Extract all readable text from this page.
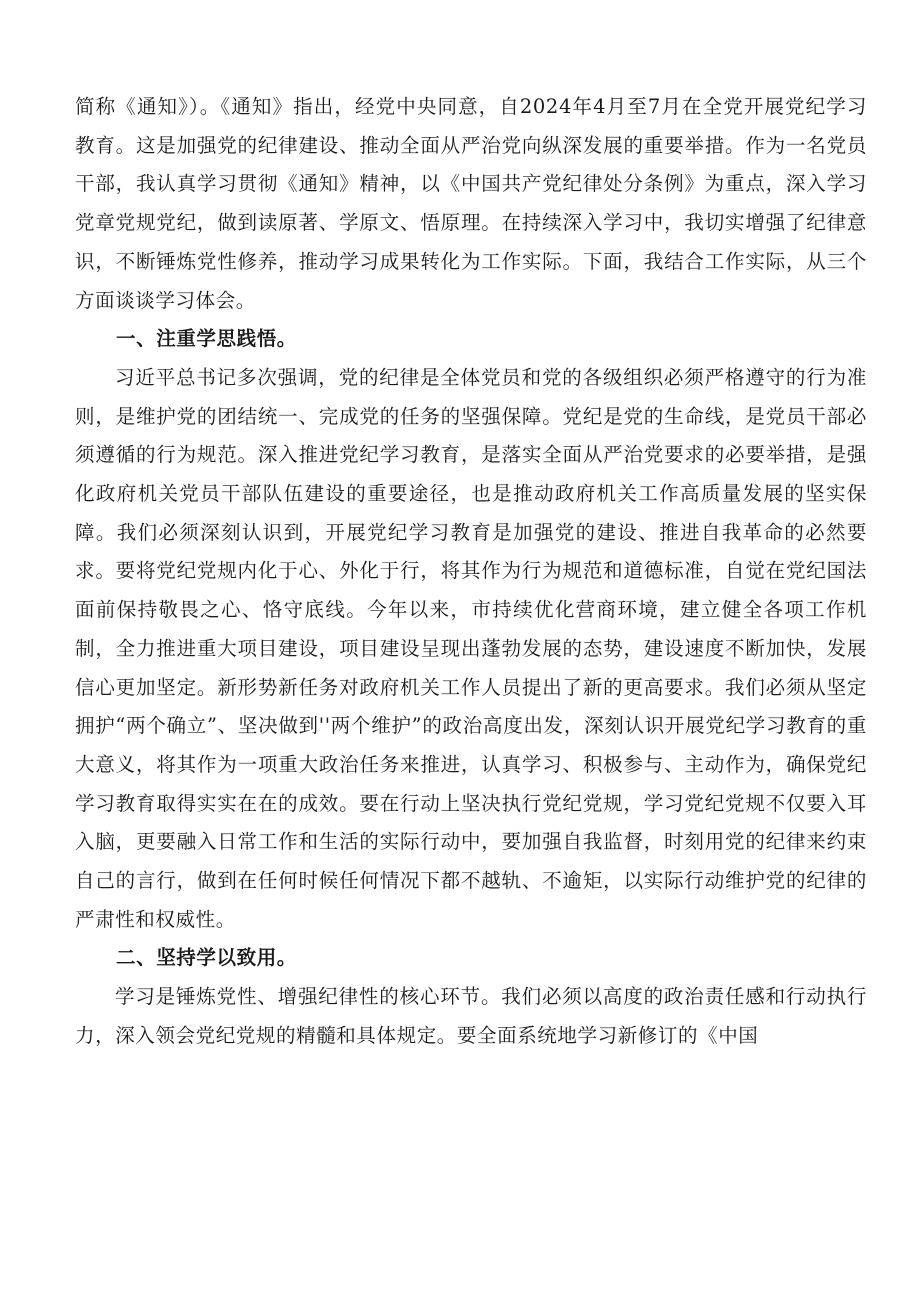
简称《通知》）。《通知》指出，经党中央同意，自2024年4月至7月在全党开展党纪学习教育。这是加强党的纪律建设、推动全面从严治党向纵深发展的重要举措。作为一名党员干部，我认真学习贯彻《通知》精神，以《中国共产党纪律处分条例》为重点，深入学习党章党规党纪，做到读原著、学原文、悟原理。在持续深入学习中，我切实增强了纪律意识，不断锤炼党性修养，推动学习成果转化为工作实际。下面，我结合工作实际，从三个方面谈谈学习体会。

一、注重学思践悟。

习近平总书记多次强调，党的纪律是全体党员和党的各级组织必须严格遵守的行为准则，是维护党的团结统一、完成党的任务的坚强保障。党纪是党的生命线，是党员干部必须遵循的行为规范。深入推进党纪学习教育，是落实全面从严治党要求的必要举措，是强化政府机关党员干部队伍建设的重要途径，也是推动政府机关工作高质量发展的坚实保障。我们必须深刻认识到，开展党纪学习教育是加强党的建设、推进自我革命的必然要求。要将党纪党规内化于心、外化于行，将其作为行为规范和道德标准，自觉在党纪国法面前保持敬畏之心、恪守底线。今年以来，市持续优化营商环境，建立健全各项工作机制，全力推进重大项目建设，项目建设呈现出蓬勃发展的态势，建设速度不断加快，发展信心更加坚定。新形势新任务对政府机关工作人员提出了新的更高要求。我们必须从坚定拥护“两个确立”、坚决做到''两个维护”的政治高度出发，深刻认识开展党纪学习教育的重大意义，将其作为一项重大政治任务来推进，认真学习、积极参与、主动作为，确保党纪学习教育取得实实在在的成效。要在行动上坚决执行党纪党规，学习党纪党规不仅要入耳入脑，更要融入日常工作和生活的实际行动中，要加强自我监督，时刻用党的纪律来约束自己的言行，做到在任何时候任何情况下都不越轨、不逾矩，以实际行动维护党的纪律的严肃性和权威性。

二、坚持学以致用。

学习是锤炼党性、增强纪律性的核心环节。我们必须以高度的政治责任感和行动执行力，深入领会党纪党规的精髓和具体规定。要全面系统地学习新修订的《中国
